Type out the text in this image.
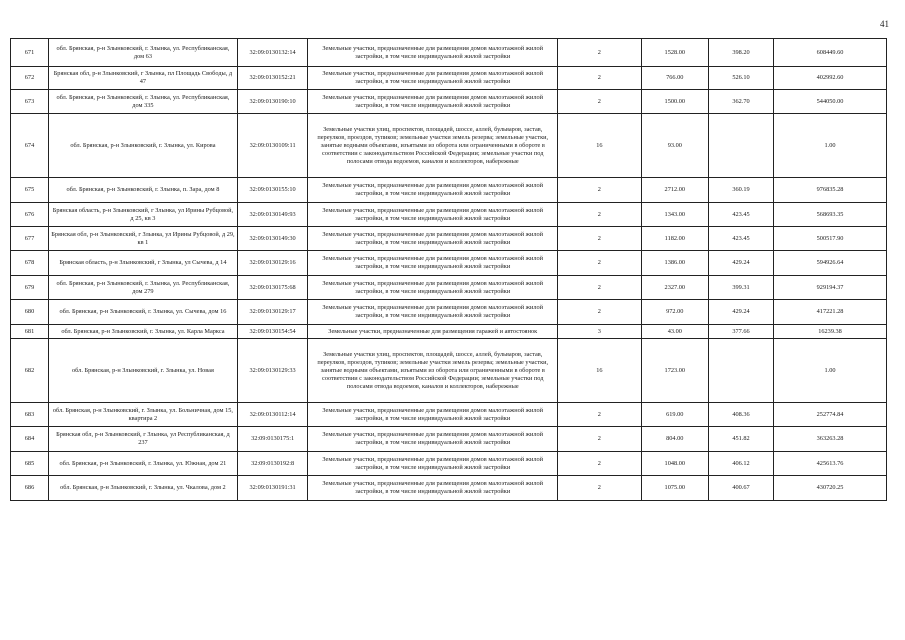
41
671	обл. Брянская, р-н Злынковский, г. Злынка, ул. Республиканская, дом 63	32:09:0130132:14	Земельные участки, предназначенные для размещения домов малоэтажной жилой застройки, в том числе индивидуальной жилой застройки	2	1528.00	398.20	608449.60
672	Брянская обл, р-н Злынковский, г Злынка, пл Площадь Свободы, д 47	32:09:0130152:21	Земельные участки, предназначенные для размещения домов малоэтажной жилой застройки, в том числе индивидуальной жилой застройки	2	766.00	526.10	402992.60
673	обл. Брянская, р-н Злынковский, г. Злынка, ул. Республиканская, дом 335	32:09:0130190:10	Земельные участки, предназначенные для размещения домов малоэтажной жилой застройки, в том числе индивидуальной жилой застройки	2	1500.00	362.70	544050.00
674	обл. Брянская, р-н Злынковский, г. Злынка, ул. Кирова	32:09:0130109:11	Земельные участки улиц, проспектов, площадей, шоссе, аллей, бульваров, застав, переулков, проездов, тупиков; земельные участки земель резерва; земельные участки, занятые водными объектами, изъятыми из оборота или ограниченными в обороте в соответствии с законодательством Российской Федерации; земельные участки под полосами отвода водоемов, каналов и коллекторов, набережные	16	93.00		1.00
675	обл. Брянская, р-н Злынковский, г. Злынка, п. Зара, дом 8	32:09:0130155:10	Земельные участки, предназначенные для размещения домов малоэтажной жилой застройки, в том числе индивидуальной жилой застройки	2	2712.00	360.19	976835.28
676	Брянская область, р-н Злынковский, г Злынка, ул Ирины Рубцовой, д 25, кв 3	32:09:0130149:93	Земельные участки, предназначенные для размещения домов малоэтажной жилой застройки, в том числе индивидуальной жилой застройки	2	1343.00	423.45	568693.35
677	Брянская обл, р-н Злынковский, г Злынка, ул Ирины Рубцовой, д 29, кв 1	32:09:0130149:30	Земельные участки, предназначенные для размещения домов малоэтажной жилой застройки, в том числе индивидуальной жилой застройки	2	1182.00	423.45	500517.90
678	Брянская область, р-н Злынковский, г Злынка, ул Сычева, д 14	32:09:0130129:16	Земельные участки, предназначенные для размещения домов малоэтажной жилой застройки, в том числе индивидуальной жилой застройки	2	1386.00	429.24	594926.64
679	обл. Брянская, р-н Злынковский, г. Злынка, ул. Республиканская, дом 279	32:09:0130175:68	Земельные участки, предназначенные для размещения домов малоэтажной жилой застройки, в том числе индивидуальной жилой застройки	2	2327.00	399.31	929194.37
680	обл. Брянская, р-н Злынковский, г. Злынка, ул. Сычева, дом 16	32:09:0130129:17	Земельные участки, предназначенные для размещения домов малоэтажной жилой застройки, в том числе индивидуальной жилой застройки	2	972.00	429.24	417221.28
681	обл. Брянская, р-н Злынковский, г. Злынка, ул. Карла Маркса	32:09:0130154:54	Земельные участки, предназначенные для размещения гаражей и автостоянок	3	43.00	377.66	16239.38
682	обл. Брянская, р-н Злынковский, г. Злынка, ул. Новая	32:09:0130129:33	Земельные участки улиц, проспектов, площадей, шоссе, аллей, бульваров, застав, переулков, проездов, тупиков; земельные участки земель резерва; земельные участки, занятые водными объектами, изъятыми из оборота или ограниченными в обороте в соответствии с законодательством Российской Федерации; земельные участки под полосами отвода водоемов, каналов и коллекторов, набережные	16	1723.00		1.00
683	обл. Брянская, р-н Злынковский, г. Злынка, ул. Больничная, дом 15, квартира 2	32:09:0130112:14	Земельные участки, предназначенные для размещения домов малоэтажной жилой застройки, в том числе индивидуальной жилой застройки	2	619.00	408.36	252774.84
684	Брянская обл, р-н Злынковский, г Злынка, ул Республиканская, д 237	32:09:0130175:1	Земельные участки, предназначенные для размещения домов малоэтажной жилой застройки, в том числе индивидуальной жилой застройки	2	804.00	451.82	363263.28
685	обл. Брянская, р-н Злынковский, г. Злынка, ул. Южная, дом 21	32:09:0130192:8	Земельные участки, предназначенные для размещения домов малоэтажной жилой застройки, в том числе индивидуальной жилой застройки	2	1048.00	406.12	425613.76
686	обл. Брянская, р-н Злынковский, г. Злынка, ул. Чкалова, дом 2	32:09:0130191:31	Земельные участки, предназначенные для размещения домов малоэтажной жилой застройки, в том числе индивидуальной жилой застройки	2	1075.00	400.67	430720.25
